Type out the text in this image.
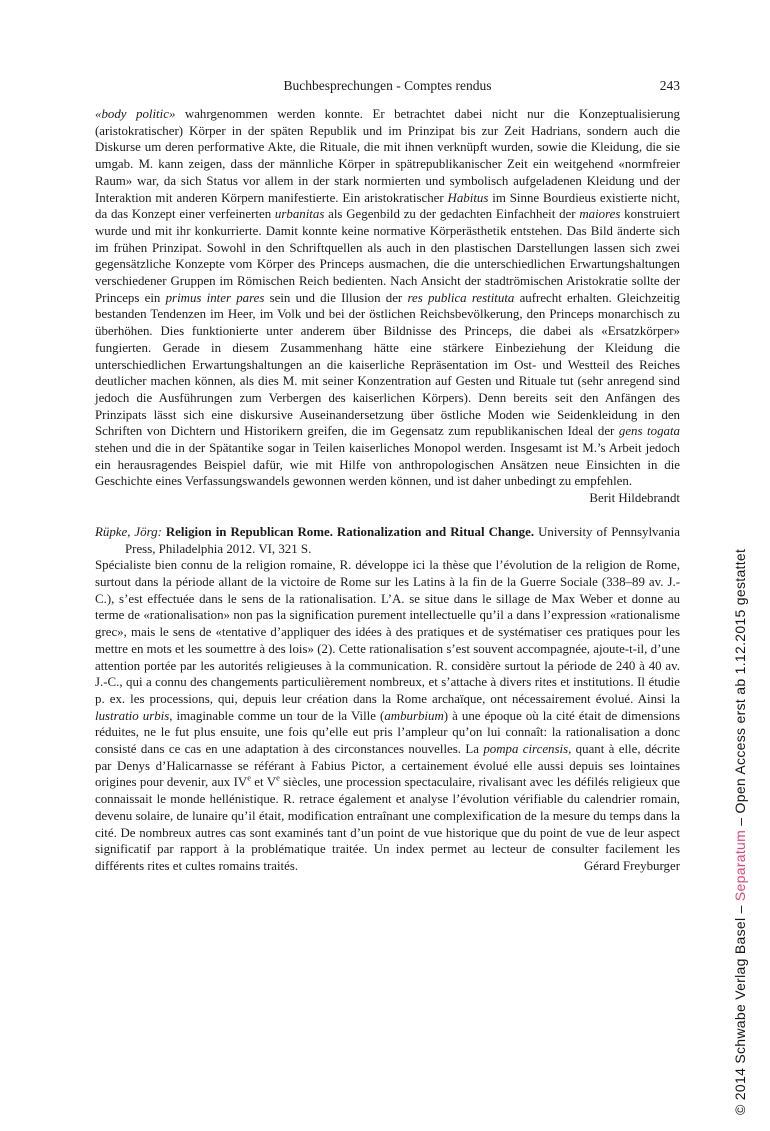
Buchbesprechungen - Comptes rendus	243

«body politic» wahrgenommen werden konnte. Er betrachtet dabei nicht nur die Konzeptualisierung (aristokratischer) Körper in der späten Republik und im Prinzipat bis zur Zeit Hadrians, sondern auch die Diskurse um deren performative Akte, die Rituale, die mit ihnen verknüpft wurden, sowie die Kleidung, die sie umgab. M. kann zeigen, dass der männliche Körper in spätrepublikanischer Zeit ein weitgehend «normfreier Raum» war, da sich Status vor allem in der stark normierten und symbolisch aufgeladenen Kleidung und der Interaktion mit anderen Körpern manifestierte. Ein aristokratischer Habitus im Sinne Bourdieus existierte nicht, da das Konzept einer verfeinerten urbanitas als Gegenbild zu der gedachten Einfachheit der maiores konstruiert wurde und mit ihr konkurrierte. Damit konnte keine normative Körperästhetik entstehen. Das Bild änderte sich im frühen Prinzipat. Sowohl in den Schriftquellen als auch in den plastischen Darstellungen lassen sich zwei gegensätzliche Konzepte vom Körper des Princeps ausmachen, die die unterschiedlichen Erwartungshaltungen verschiedener Gruppen im Römischen Reich bedienten. Nach Ansicht der stadtrömischen Aristokratie sollte der Princeps ein primus inter pares sein und die Illusion der res publica restituta aufrecht erhalten. Gleichzeitig bestanden Tendenzen im Heer, im Volk und bei der östlichen Reichsbevölkerung, den Princeps monarchisch zu überhöhen. Dies funktionierte unter anderem über Bildnisse des Princeps, die dabei als «Ersatzkörper» fungierten. Gerade in diesem Zusammenhang hätte eine stärkere Einbeziehung der Kleidung die unterschiedlichen Erwartungshaltungen an die kaiserliche Repräsentation im Ost- und Westteil des Reiches deutlicher machen können, als dies M. mit seiner Konzentration auf Gesten und Rituale tut (sehr anregend sind jedoch die Ausführungen zum Verbergen des kaiserlichen Körpers). Denn bereits seit den Anfängen des Prinzipats lässt sich eine diskursive Auseinandersetzung über östliche Moden wie Seidenkleidung in den Schriften von Dichtern und Historikern greifen, die im Gegensatz zum republikanischen Ideal der gens togata stehen und die in der Spätantike sogar in Teilen kaiserliches Monopol werden. Insgesamt ist M.’s Arbeit jedoch ein herausragendes Beispiel dafür, wie mit Hilfe von anthropologischen Ansätzen neue Einsichten in die Geschichte eines Verfassungswandels gewonnen werden können, und ist daher unbedingt zu empfehlen.
Berit Hildebrandt

Rüpke, Jörg: Religion in Republican Rome. Rationalization and Ritual Change. University of Pennsylvania Press, Philadelphia 2012. VI, 321 S.

Spécialiste bien connu de la religion romaine, R. développe ici la thèse que l’évolution de la religion de Rome, surtout dans la période allant de la victoire de Rome sur les Latins à la fin de la Guerre Sociale (338–89 av. J.-C.), s’est effectuée dans le sens de la rationalisation. L’A. se situe dans le sillage de Max Weber et donne au terme de «rationalisation» non pas la signification purement intellectuelle qu’il a dans l’expression «rationalisme grec», mais le sens de «tentative d’appliquer des idées à des pratiques et de systématiser ces pratiques pour les mettre en mots et les soumettre à des lois» (2). Cette rationalisation s’est souvent accompagnée, ajoute-t-il, d’une attention portée par les autorités religieuses à la communication. R. considère surtout la période de 240 à 40 av. J.-C., qui a connu des changements particulièrement nombreux, et s’attache à divers rites et institutions. Il étudie p. ex. les processions, qui, depuis leur création dans la Rome archaïque, ont nécessairement évolué. Ainsi la lustratio urbis, imaginable comme un tour de la Ville (amburbium) à une époque où la cité était de dimensions réduites, ne le fut plus ensuite, une fois qu’elle eut pris l’ampleur qu’on lui connaît: la rationalisation a donc consisté dans ce cas en une adaptation à des circonstances nouvelles. La pompa circensis, quant à elle, décrite par Denys d’Halicarnasse se référant à Fabius Pictor, a certainement évolué elle aussi depuis ses lointaines origines pour devenir, aux IVe et Ve siècles, une procession spectaculaire, rivalisant avec les défilés religieux que connaissait le monde hellénistique. R. retrace également et analyse l’évolution vérifiable du calendrier romain, devenu solaire, de lunaire qu’il était, modification entraînant une complexification de la mesure du temps dans la cité. De nombreux autres cas sont examinés tant d’un point de vue historique que du point de vue de leur aspect significatif par rapport à la problématique traitée. Un index permet au lecteur de consulter facilement les différents rites et cultes romains traités.	Gérard Freyburger

© 2014 Schwabe Verlag Basel – Separatum – Open Access erst ab 1.12.2015 gestattet
